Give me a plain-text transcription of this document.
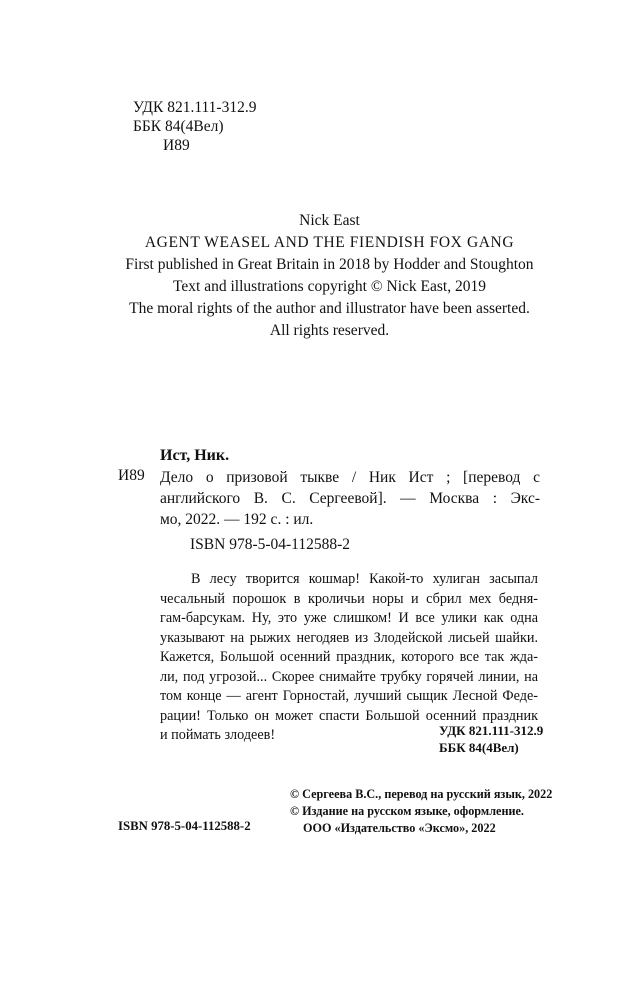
УДК 821.111-312.9
ББК 84(4Вел)
И89
Nick East
AGENT WEASEL AND THE FIENDISH FOX GANG
First published in Great Britain in 2018 by Hodder and Stoughton
Text and illustrations copyright © Nick East, 2019
The moral rights of the author and illustrator have been asserted.
All rights reserved.
Ист, Ник.
И89 Дело о призовой тыкве / Ник Ист ; [перевод с
английского В. С. Сергеевой]. — Москва : Экс-
мо, 2022. — 192 с. : ил.
ISBN 978-5-04-112588-2
В лесу творится кошмар! Какой-то хулиган засыпал
чесальный порошок в кроличьи норы и сбрил мех бедня-
гам-барсукам. Ну, это уже слишком! И все улики как одна
указывают на рыжих негодяев из Злодейской лисьей шайки.
Кажется, Большой осенний праздник, которого все так жда-
ли, под угрозой... Скорее снимайте трубку горячей линии, на
том конце — агент Горностай, лучший сыщик Лесной Феде-
рации! Только он может спасти Большой осенний праздник
и поймать злодеев!	УДК 821.111-312.9
ББК 84(4Вел)
© Сергеева В.С., перевод на русский язык, 2022
© Издание на русском языке, оформление.
ООО «Издательство «Эксмо», 2022
ISBN 978-5-04-112588-2
